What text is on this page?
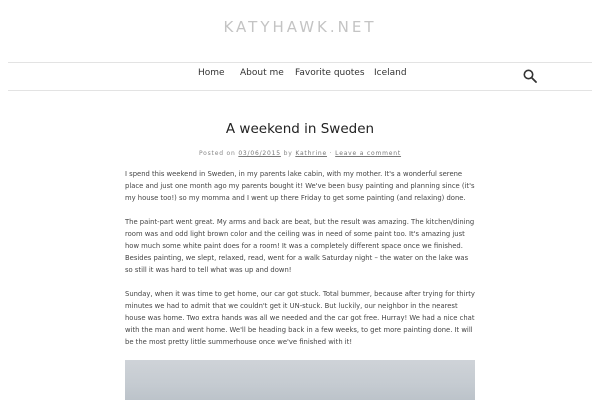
KATYHAWK.NET
Home About me Favorite quotes Iceland
A weekend in Sweden
Posted on 03/06/2015 by Kathrine · Leave a comment

I spend this weekend in Sweden, in my parents lake cabin, with my mother. It's a wonderful serene place and just one month ago my parents bought it! We've been busy painting and planning since (it's my house too!) so my momma and I went up there Friday to get some painting (and relaxing) done.

The paint-part went great. My arms and back are beat, but the result was amazing. The kitchen/dining room was and odd light brown color and the ceiling was in need of some paint too. It's amazing just how much some white paint does for a room! It was a completely different space once we finished. Besides painting, we slept, relaxed, read, went for a walk Saturday night – the water on the lake was so still it was hard to tell what was up and down!

Sunday, when it was time to get home, our car got stuck. Total bummer, because after trying for thirty minutes we had to admit that we couldn't get it UN-stuck. But luckily, our neighbor in the nearest house was home. Two extra hands was all we needed and the car got free. Hurray! We had a nice chat with the man and went home. We'll be heading back in a few weeks, to get more painting done. It will be the most pretty little summerhouse once we've finished with it!
